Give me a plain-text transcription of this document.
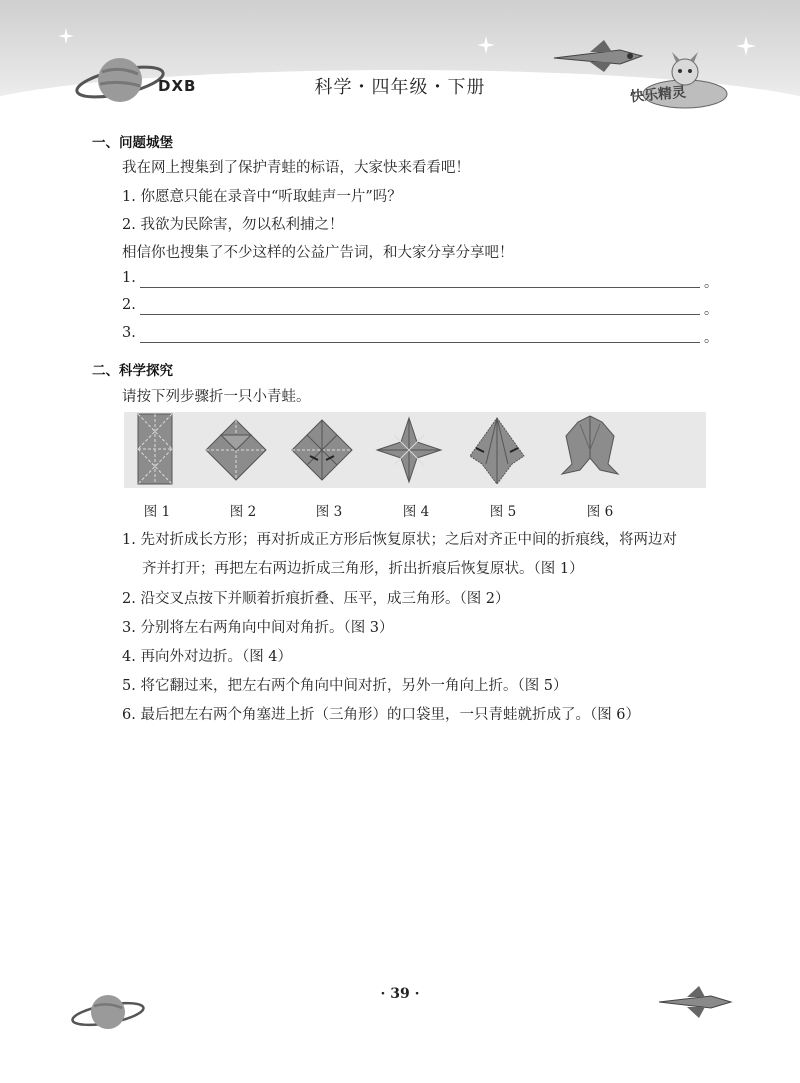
DXB	科学・四年级・下册	快乐精灵
一、问题城堡
我在网上搜集到了保护青蛙的标语，大家快来看看吧！
1. 你愿意只能在录音中“听取蛙声一片”吗？
2. 我欲为民除害，勿以私利捕之！
相信你也搜集了不少这样的公益广告词，和大家分享分享吧！
1.	。
2.	。
3.	。
二、科学探究
请按下列步骤折一只小青蛙。
图 1	图 2	图 3	图 4	图 5	图 6
1. 先对折成长方形；再对折成正方形后恢复原状；之后对齐正中间的折痕线，将两边对
齐并打开；再把左右两边折成三角形，折出折痕后恢复原状。（图 1）
2. 沿交叉点按下并顺着折痕折叠、压平，成三角形。（图 2）
3. 分别将左右两角向中间对角折。（图 3）
4. 再向外对边折。（图 4）
5. 将它翻过来，把左右两个角向中间对折，另外一角向上折。（图 5）
6. 最后把左右两个角塞进上折（三角形）的口袋里，一只青蛙就折成了。（图 6）
· 39 ·
